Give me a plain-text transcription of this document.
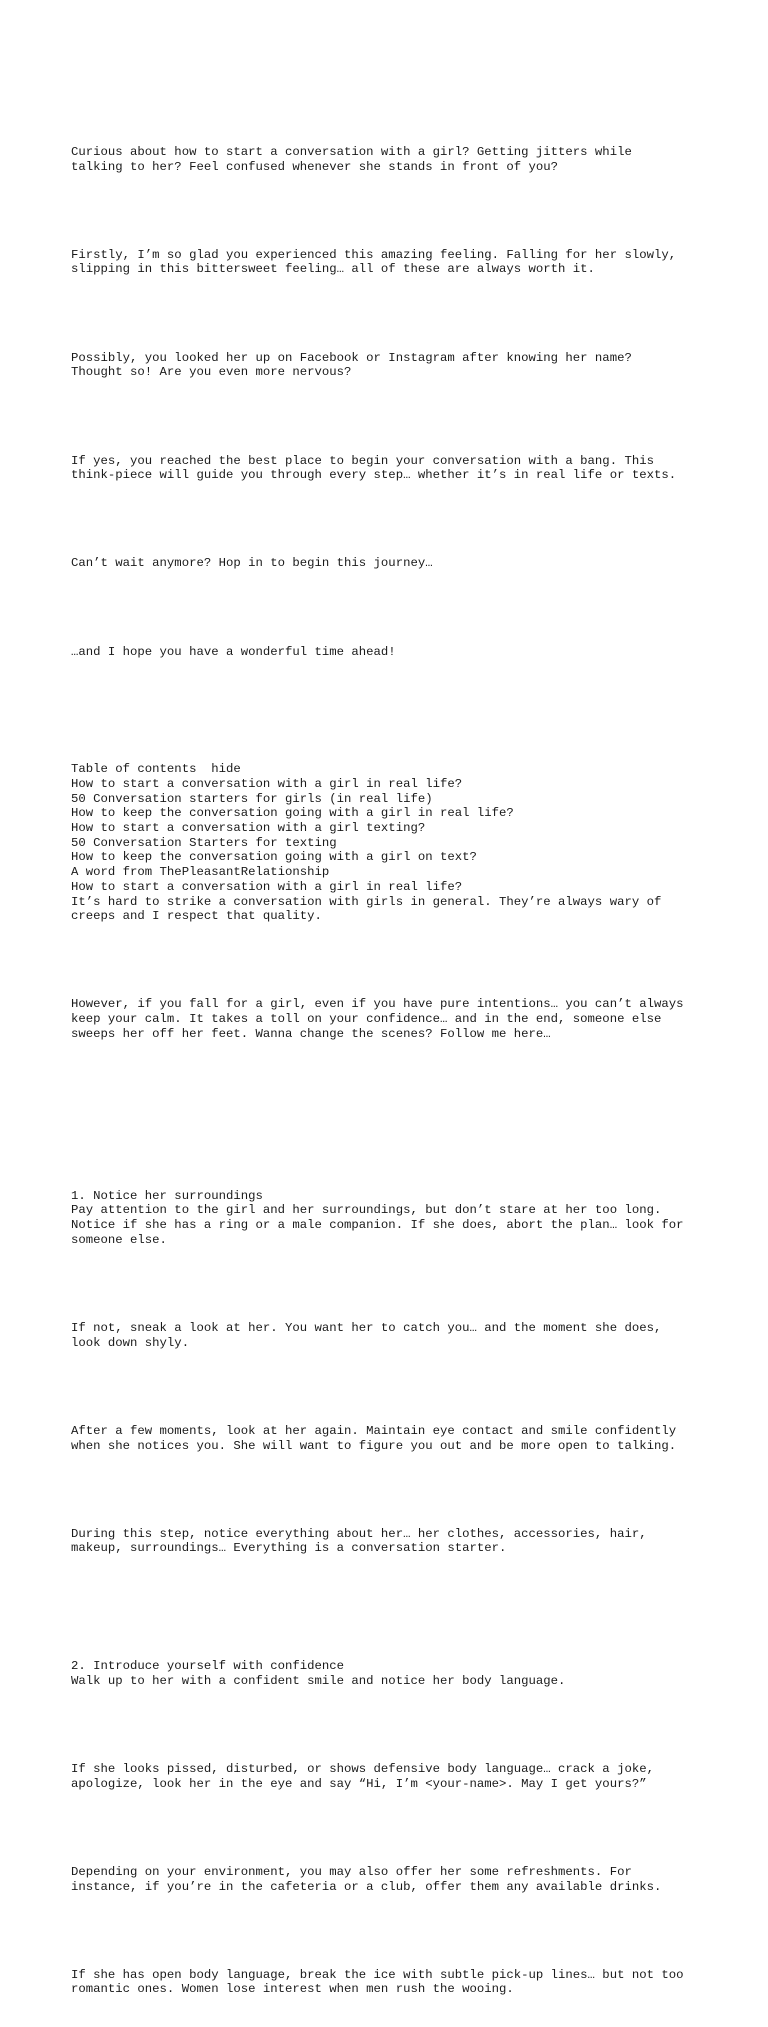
Curious about how to start a conversation with a girl? Getting jitters while
talking to her? Feel confused whenever she stands in front of you?

Firstly, I’m so glad you experienced this amazing feeling. Falling for her slowly,
slipping in this bittersweet feeling… all of these are always worth it.

Possibly, you looked her up on Facebook or Instagram after knowing her name?
Thought so! Are you even more nervous?

If yes, you reached the best place to begin your conversation with a bang. This
think-piece will guide you through every step… whether it’s in real life or texts.

Can’t wait anymore? Hop in to begin this journey…

…and I hope you have a wonderful time ahead!

Table of contents  hide
How to start a conversation with a girl in real life?
50 Conversation starters for girls (in real life)
How to keep the conversation going with a girl in real life?
How to start a conversation with a girl texting?
50 Conversation Starters for texting
How to keep the conversation going with a girl on text?
A word from ThePleasantRelationship
How to start a conversation with a girl in real life?
It’s hard to strike a conversation with girls in general. They’re always wary of
creeps and I respect that quality.

However, if you fall for a girl, even if you have pure intentions… you can’t always
keep your calm. It takes a toll on your confidence… and in the end, someone else
sweeps her off her feet. Wanna change the scenes? Follow me here…

1. Notice her surroundings
Pay attention to the girl and her surroundings, but don’t stare at her too long.
Notice if she has a ring or a male companion. If she does, abort the plan… look for
someone else.

If not, sneak a look at her. You want her to catch you… and the moment she does,
look down shyly.

After a few moments, look at her again. Maintain eye contact and smile confidently
when she notices you. She will want to figure you out and be more open to talking.

During this step, notice everything about her… her clothes, accessories, hair,
makeup, surroundings… Everything is a conversation starter.

2. Introduce yourself with confidence
Walk up to her with a confident smile and notice her body language.

If she looks pissed, disturbed, or shows defensive body language… crack a joke,
apologize, look her in the eye and say “Hi, I’m <your-name>. May I get yours?”

Depending on your environment, you may also offer her some refreshments. For
instance, if you’re in the cafeteria or a club, offer them any available drinks.

If she has open body language, break the ice with subtle pick-up lines… but not too
romantic ones. Women lose interest when men rush the wooing.
